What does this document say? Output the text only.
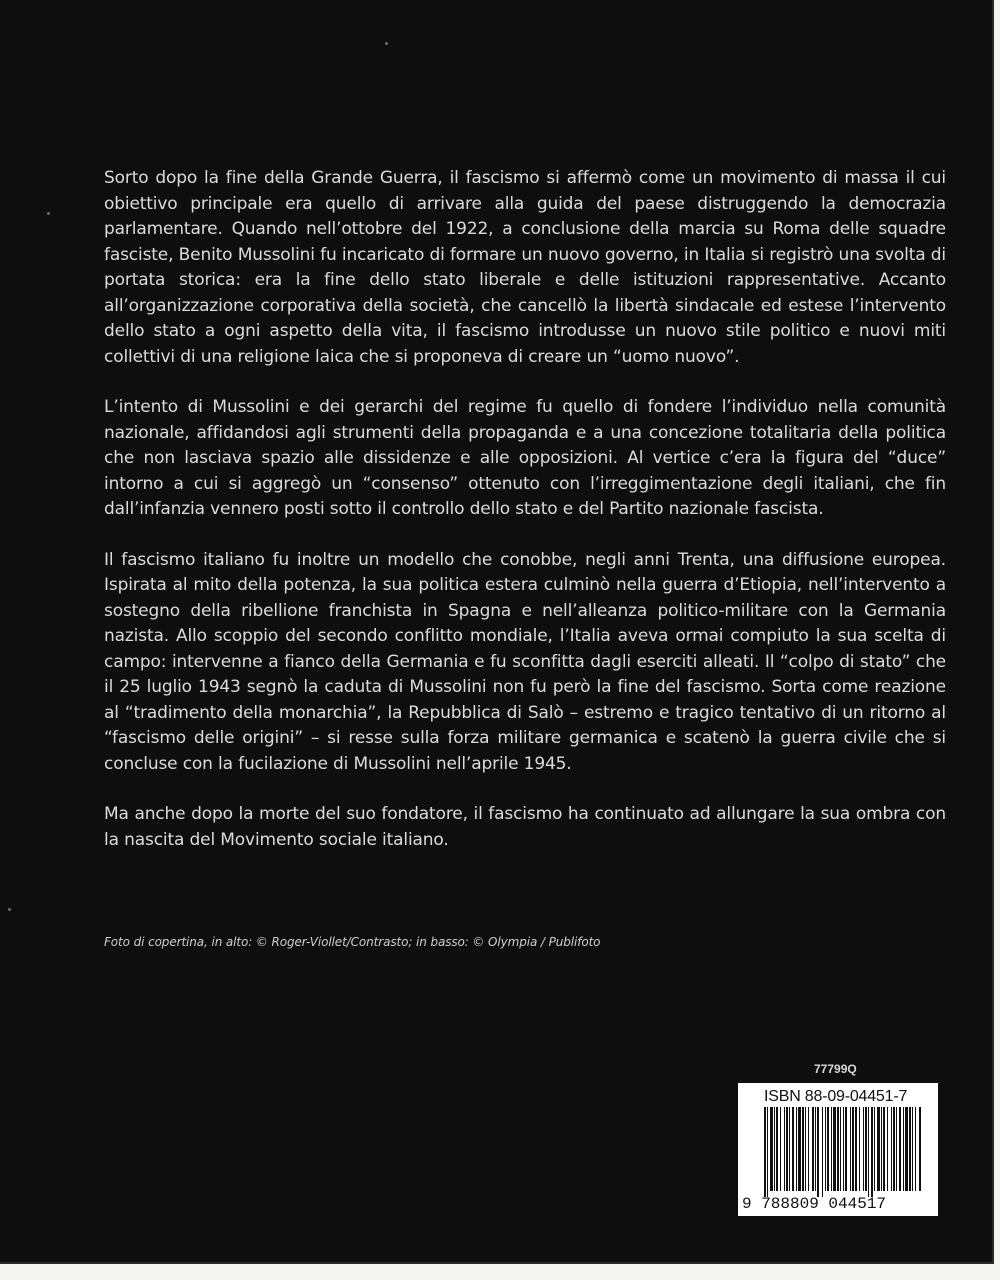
Sorto dopo la fine della Grande Guerra, il fascismo si affermò come un movimento di massa il cui obiettivo principale era quello di arrivare alla guida del paese distruggendo la democrazia parlamentare. Quando nell’ottobre del 1922, a conclusione della marcia su Roma delle squadre fasciste, Benito Mussolini fu incaricato di formare un nuovo governo, in Italia si registrò una svolta di portata storica: era la fine dello stato liberale e delle istituzioni rappresentative. Accanto all’organizzazione corporativa della società, che cancellò la libertà sindacale ed estese l’intervento dello stato a ogni aspetto della vita, il fascismo introdusse un nuovo stile politico e nuovi miti collettivi di una religione laica che si proponeva di creare un “uomo nuovo”.

L’intento di Mussolini e dei gerarchi del regime fu quello di fondere l’individuo nella comunità nazionale, affidandosi agli strumenti della propaganda e a una concezione totalitaria della politica che non lasciava spazio alle dissidenze e alle opposizioni. Al vertice c’era la figura del “duce” intorno a cui si aggregò un “consenso” ottenuto con l’irreggimentazione degli italiani, che fin dall’infanzia vennero posti sotto il controllo dello stato e del Partito nazionale fascista.

Il fascismo italiano fu inoltre un modello che conobbe, negli anni Trenta, una diffusione europea. Ispirata al mito della potenza, la sua politica estera culminò nella guerra d’Etiopia, nell’intervento a sostegno della ribellione franchista in Spagna e nell’alleanza politico-militare con la Germania nazista. Allo scoppio del secondo conflitto mondiale, l’Italia aveva ormai compiuto la sua scelta di campo: intervenne a fianco della Germania e fu sconfitta dagli eserciti alleati. Il “colpo di stato” che il 25 luglio 1943 segnò la caduta di Mussolini non fu però la fine del fascismo. Sorta come reazione al “tradimento della monarchia”, la Repubblica di Salò – estremo e tragico tentativo di un ritorno al “fascismo delle origini” – si resse sulla forza militare germanica e scatenò la guerra civile che si concluse con la fucilazione di Mussolini nell’aprile 1945.

Ma anche dopo la morte del suo fondatore, il fascismo ha continuato ad allungare la sua ombra con la nascita del Movimento sociale italiano.

Foto di copertina, in alto: © Roger-Viollet/Contrasto; in basso: © Olympia / Publifoto
77799Q
ISBN 88-09-04451-7
9 788809 044517
